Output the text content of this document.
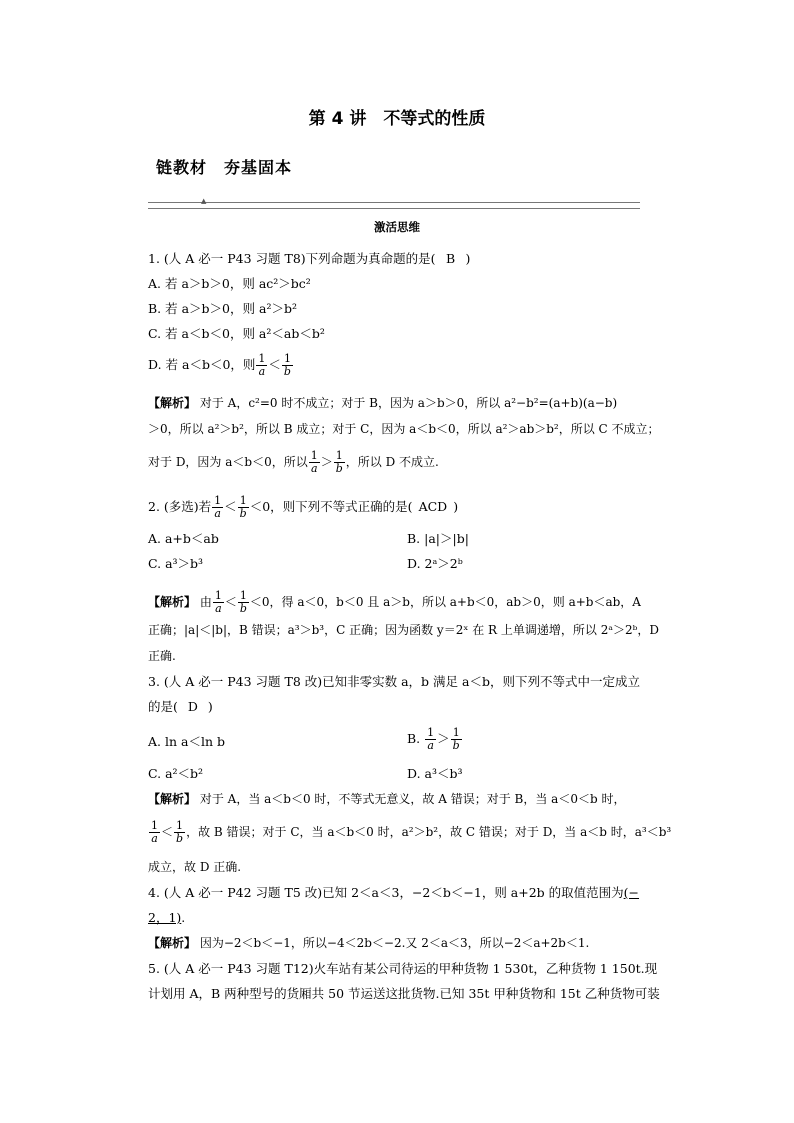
第 4 讲　不等式的性质
链教材　夯基固本
▲
激活思维
1. (人 A 必一 P43 习题 T8)下列命题为真命题的是( B )
A. 若 a＞b＞0，则 ac²＞bc²
B. 若 a＞b＞0，则 a²＞b²
C. 若 a＜b＜0，则 a²＜ab＜b²
D. 若 a＜b＜0，则 $\frac{1}{a} < \frac{1}{b}$
【解析】 对于 A，c²=0 时不成立；对于 B，因为 a＞b＞0，所以 a²−b²=(a+b)(a−b)
＞0，所以 a²＞b²，所以 B 成立；对于 C，因为 a＜b＜0，所以 a²＞ab＞b²，所以 C 不成立；
对于 D，因为 a＜b＜0，所以 $\frac{1}{a} > \frac{1}{b}$ ，所以 D 不成立.
2. (多选)若 $\frac{1}{a} < \frac{1}{b} <0$，则下列不等式正确的是( ACD )
A. a+b＜ab	B. |a|＞|b|
C. a³＞b³	D. 2ᵃ＞2ᵇ
【解析】 由 $\frac{1}{a} < \frac{1}{b} <0$，得 a＜0，b＜0 且 a＞b，所以 a+b＜0，ab＞0，则 a+b＜ab，A
正确；|a|＜|b|，B 错误；a³＞b³，C 正确；因为函数 y＝2ˣ 在 R 上单调递增，所以 2ᵃ＞2ᵇ，D
正确.
3. (人 A 必一 P43 习题 T8 改)已知非零实数 a，b 满足 a＜b，则下列不等式中一定成立
的是( D )
A. ln a＜ln b	B. $\frac{1}{a} > \frac{1}{b}$
C. a²＜b²	D. a³＜b³
【解析】 对于 A，当 a＜b＜0 时，不等式无意义，故 A 错误；对于 B，当 a＜0＜b 时，
$\frac{1}{a} < \frac{1}{b}$ ，故 B 错误；对于 C，当 a＜b＜0 时，a²＞b²，故 C 错误；对于 D，当 a＜b 时，a³＜b³
成立，故 D 正确.
4. (人 A 必一 P42 习题 T5 改)已知 2＜a＜3，−2＜b＜−1，则 a+2b 的取值范围为(−
2，1).
【解析】 因为−2＜b＜−1，所以−4＜2b＜−2.又 2＜a＜3，所以−2＜a+2b＜1.
5. (人 A 必一 P43 习题 T12)火车站有某公司待运的甲种货物 1 530t，乙种货物 1 150t.现
计划用 A，B 两种型号的货厢共 50 节运送这批货物.已知 35t 甲种货物和 15t 乙种货物可装
